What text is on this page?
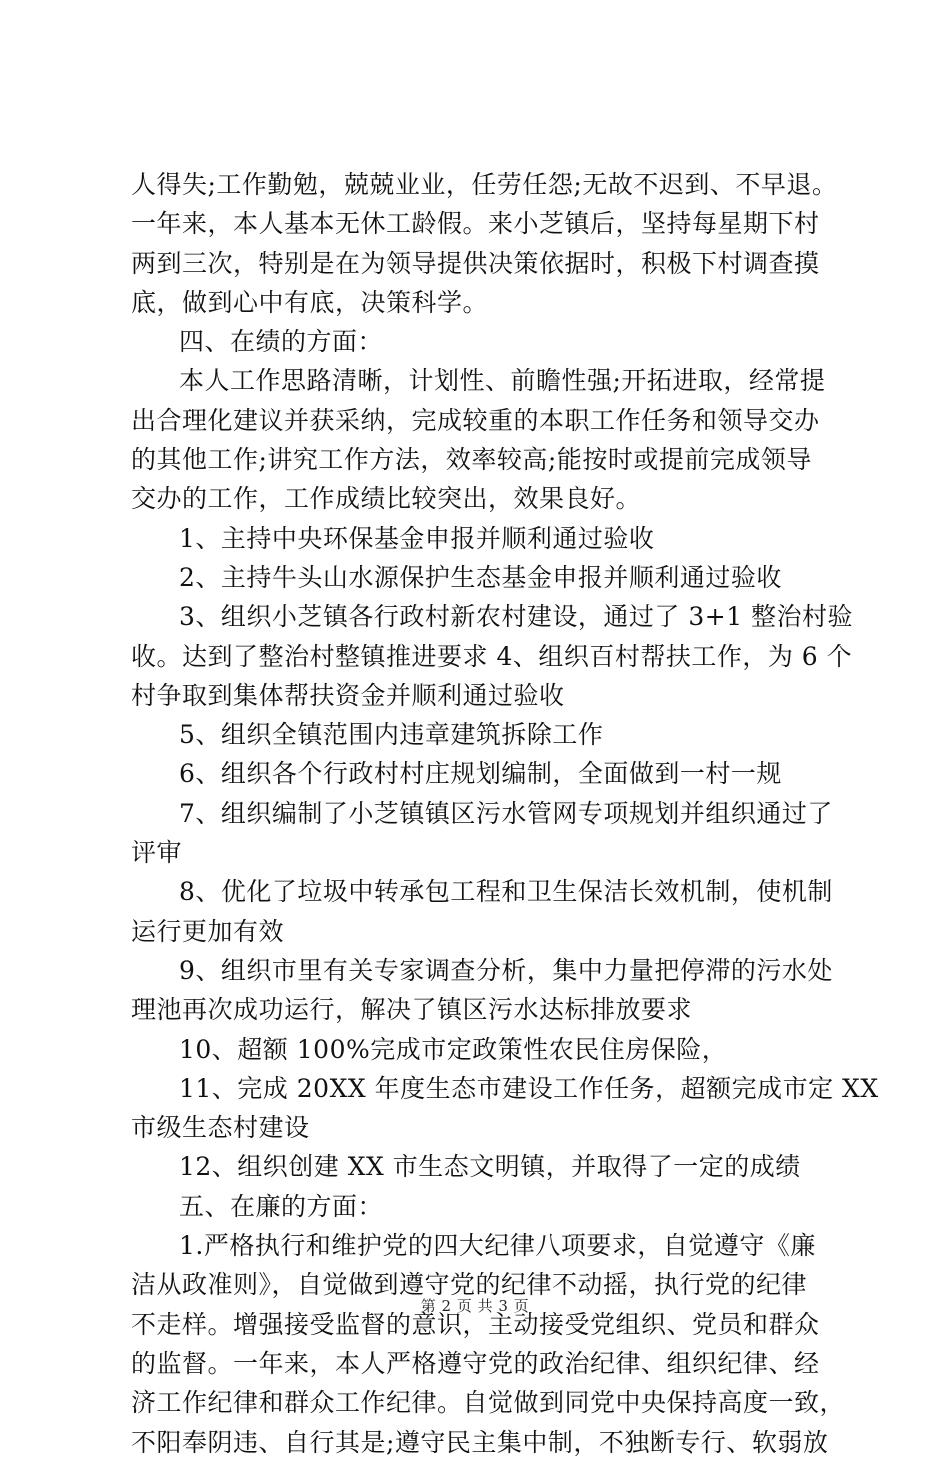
人得失;工作勤勉，兢兢业业，任劳任怨;无故不迟到、不早退。
一年来，本人基本无休工龄假。来小芝镇后，坚持每星期下村
两到三次，特别是在为领导提供决策依据时，积极下村调查摸
底，做到心中有底，决策科学。
四、在绩的方面：
本人工作思路清晰，计划性、前瞻性强;开拓进取，经常提
出合理化建议并获采纳，完成较重的本职工作任务和领导交办
的其他工作;讲究工作方法，效率较高;能按时或提前完成领导
交办的工作，工作成绩比较突出，效果良好。
1、主持中央环保基金申报并顺利通过验收
2、主持牛头山水源保护生态基金申报并顺利通过验收
3、组织小芝镇各行政村新农村建设，通过了 3+1 整治村验
收。达到了整治村整镇推进要求 4、组织百村帮扶工作，为 6 个
村争取到集体帮扶资金并顺利通过验收
5、组织全镇范围内违章建筑拆除工作
6、组织各个行政村村庄规划编制，全面做到一村一规
7、组织编制了小芝镇镇区污水管网专项规划并组织通过了
评审
8、优化了垃圾中转承包工程和卫生保洁长效机制，使机制
运行更加有效
9、组织市里有关专家调查分析，集中力量把停滞的污水处
理池再次成功运行，解决了镇区污水达标排放要求
10、超额 100%完成市定政策性农民住房保险，
11、完成 20XX 年度生态市建设工作任务，超额完成市定 XX
市级生态村建设
12、组织创建 XX 市生态文明镇，并取得了一定的成绩
五、在廉的方面：
1.严格执行和维护党的四大纪律八项要求，自觉遵守《廉
洁从政准则》，自觉做到遵守党的纪律不动摇，执行党的纪律
不走样。增强接受监督的意识，主动接受党组织、党员和群众
的监督。一年来，本人严格遵守党的政治纪律、组织纪律、经
济工作纪律和群众工作纪律。自觉做到同党中央保持高度一致，
不阳奉阴违、自行其是;遵守民主集中制，不独断专行、软弱放
第 2 页 共 3 页
